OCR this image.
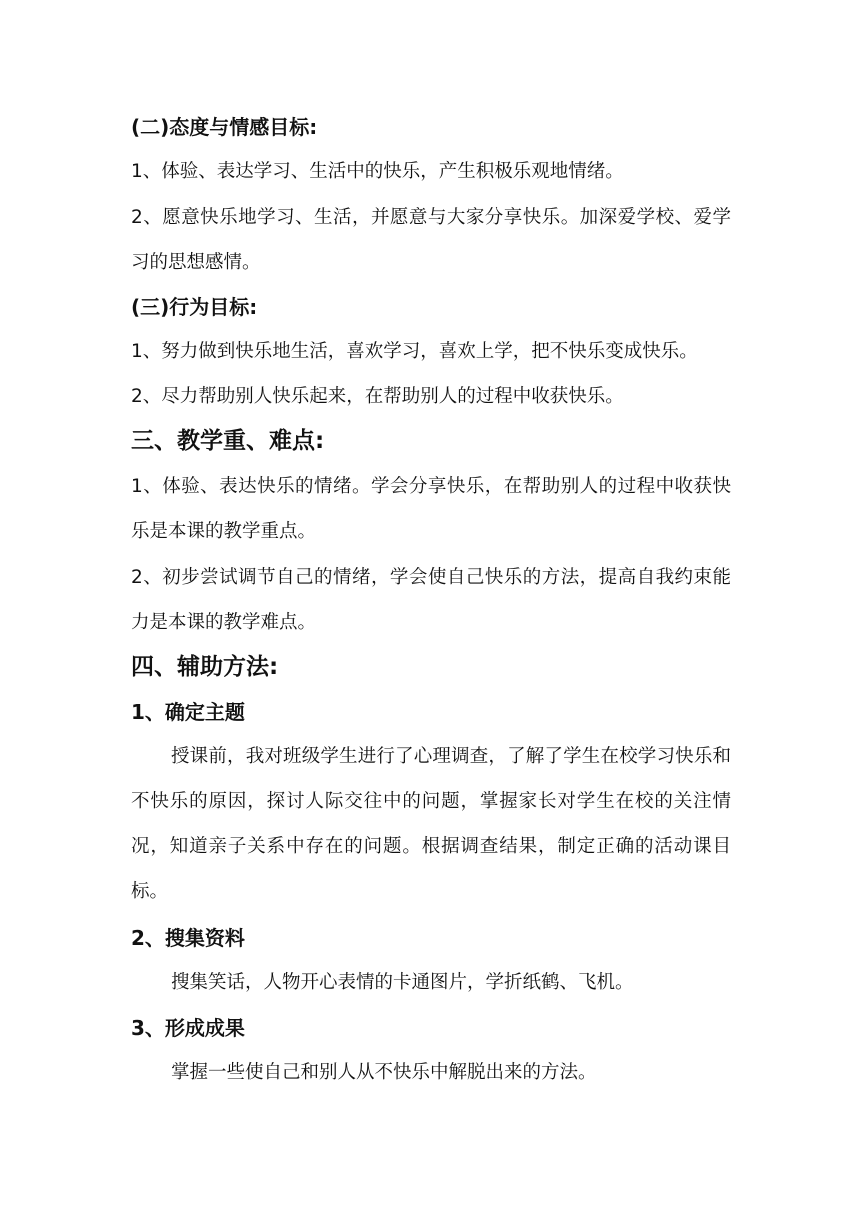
(二)态度与情感目标:

1、体验、表达学习、生活中的快乐，产生积极乐观地情绪。

2、愿意快乐地学习、生活，并愿意与大家分享快乐。加深爱学校、爱学习的思想感情。

(三)行为目标:

1、努力做到快乐地生活，喜欢学习，喜欢上学，把不快乐变成快乐。

2、尽力帮助别人快乐起来，在帮助别人的过程中收获快乐。

三、教学重、难点:

1、体验、表达快乐的情绪。学会分享快乐，在帮助别人的过程中收获快乐是本课的教学重点。

2、初步尝试调节自己的情绪，学会使自己快乐的方法，提高自我约束能力是本课的教学难点。

四、辅助方法:
1、确定主题

授课前，我对班级学生进行了心理调查，了解了学生在校学习快乐和不快乐的原因，探讨人际交往中的问题，掌握家长对学生在校的关注情况，知道亲子关系中存在的问题。根据调查结果，制定正确的活动课目标。

2、搜集资料

搜集笑话，人物开心表情的卡通图片，学折纸鹤、飞机。

3、形成成果

掌握一些使自己和别人从不快乐中解脱出来的方法。
